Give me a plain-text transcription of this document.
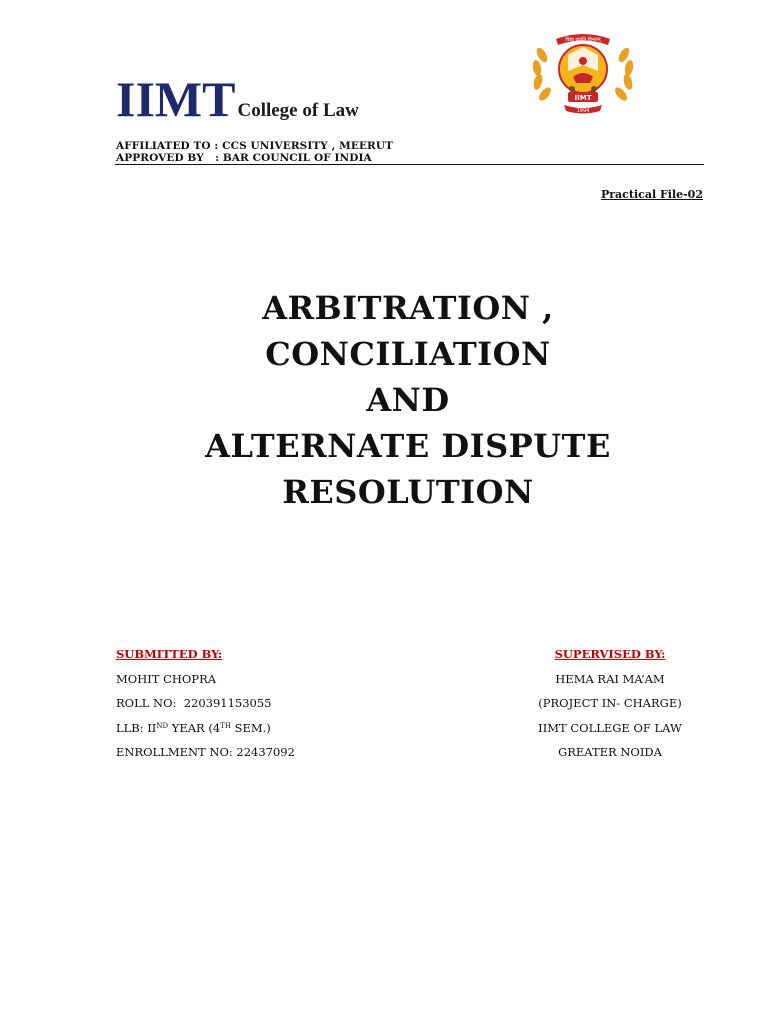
IIMT College of Law
विद्या ददाति विनयम्
IIMT
1994
AFFILIATED TO : CCS UNIVERSITY , MEERUT
APPROVED BY   : BAR COUNCIL OF INDIA
Practical File-02
ARBITRATION ,
CONCILIATION
AND
ALTERNATE DISPUTE
RESOLUTION
SUBMITTED BY:
MOHIT CHOPRA
ROLL NO:  220391153055
LLB: IIND YEAR (4TH SEM.)
ENROLLMENT NO: 22437092
SUPERVISED BY:
HEMA RAI MA’AM
(PROJECT IN- CHARGE)
IIMT COLLEGE OF LAW
GREATER NOIDA
